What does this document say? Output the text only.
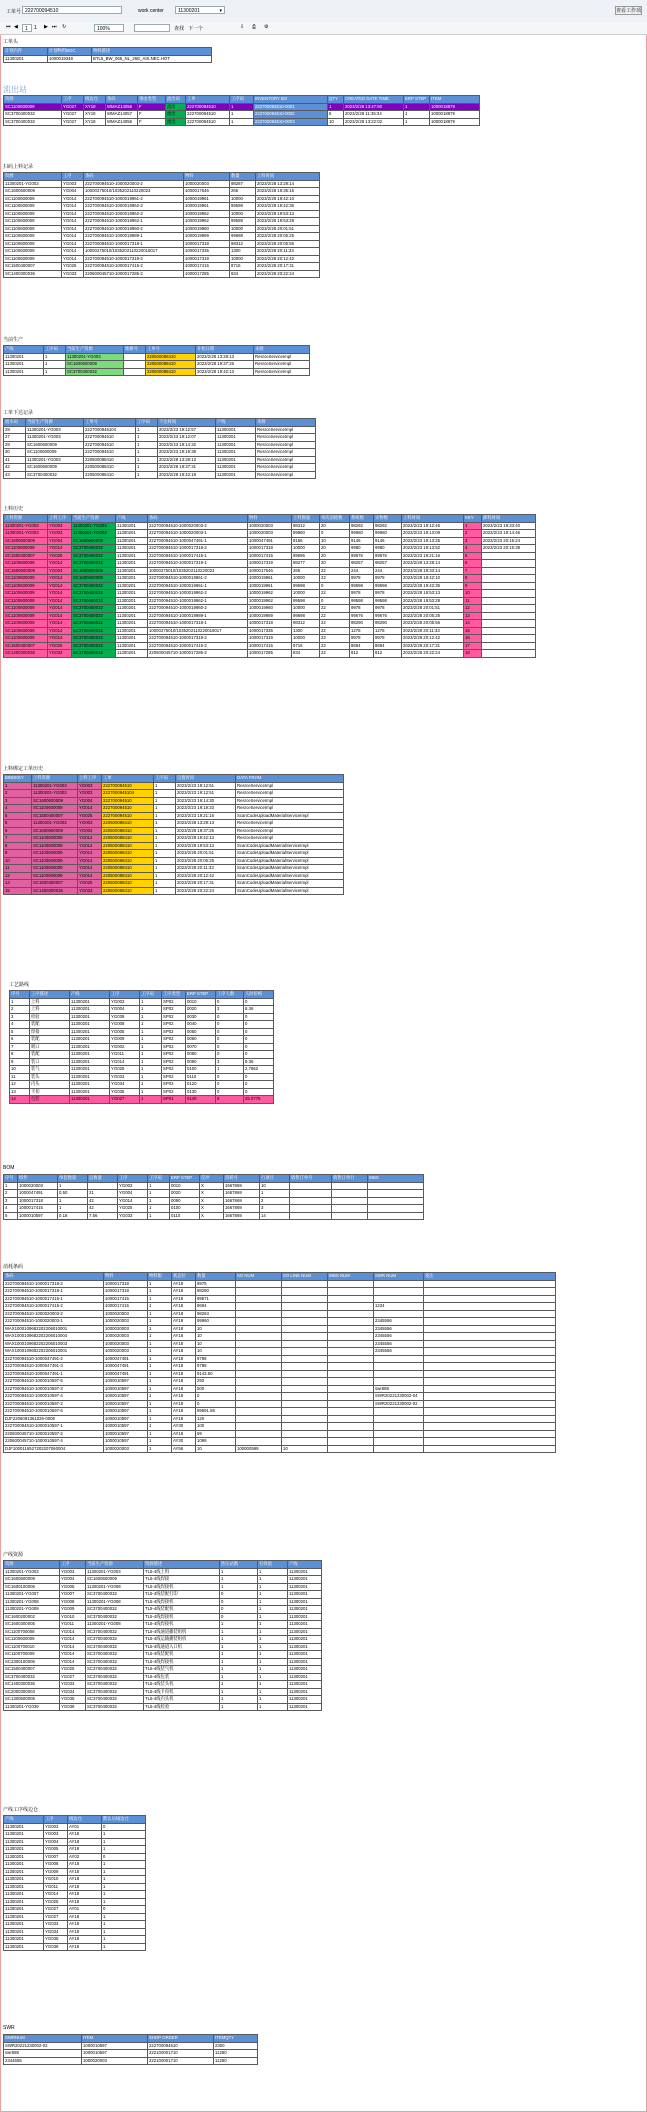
工单号 222700094510	work center	11300201	▾	查看工作项
⏮ ◀	1	1 ▶ ⏭ ↻	100%	查找 下一个	⇩ ⎙ ⚙
工单头
计划内件	计划物料BOC	物料描述
11300201	1000019348	BTL5_BW_065_NL_26E_AIS.NEC.HOT
流出站
资源	工序	线边仓	条码	事由类型	流出码	工单	工序码	INVENTORY BO	QTY	CREATED DATE TIME	ERP STEP	ITEM
SC1100600009	YG027	XY18	WMAZ14056	F	流出	222700094510	1	222700094510-0001	1	2023/2/28 13:47:50	1	1000018879
SC3700400032	YG027	XY18	WMAZ14057	F	流出	222700094510	1	222700094510-0002	5	2023/2/28 11:35:34	1	1000018879
SC3700400032	YG027	XY18	WMAZ14056	F	流出	222700094510	1	222700094510-0003	10	2023/2/28 13:22:02	1	1000018879
扫码上料记录
资源	工序	条码	物料	数量	上料时间
11300201-YG003	YG003	222700094510-1000020003-2	1000020003	98287	2023/2/28 13:28:14
SC1600600009	YG004	10000275010/1035202110220023	1000017546	266	2023/2/28 19:35:16
SC1100600009	YG014	222700094510-1000019961-2	1000019961	10000	2023/2/28 19:42:10
SC1100600009	YG014	222700094510-1000019962-2	1000019961	99598	2023/2/28 19:42:35
SC1100600009	YG014	222700094510-1000019962-2	1000019962	10000	2023/2/28 19:53:13
SC1100600009	YG014	222700094510-1000019962-1	1000019962	99598	2023/2/28 19:53:28
SC1100600009	YG014	222700094510-1000019960-2	1000019960	10000	2023/2/28 20:01:51
SC1100600009	YG014	222700094510-1000019989-1	1000019989	99698	2023/2/28 20:05:25
SC1100600009	YG014	222700094510-1000017318-1	1000017318	98312	2023/2/28 20:05:56
SC1100600009	YG014	10000275010/1035202110220016017	1000017335	1300	2023/2/28 20:11:33
SC1100600009	YG014	222700094510-1000017319-2	1000017319	10000	2023/2/28 20:12:42
SC1500400007	YG025	222700094510-1000017415-2	1000017415	8716	2023/2/28 20:17:31
SC1400300036	YG033	220600045710-1000017285-2	1000017285	834	2023/2/28 20:22:24
当前生产
产线	工序码	当前生产资源	维修号	工单号	开始日期	来源
11300201	1	11300201-YG003		220500088410	2023/2/28 13:28:13	ResrceServiceImpl
11300201	1	SC1600600009		220500088410	2023/2/28 19:37:26	ResrceServiceImpl
11300201	1	SC3700400032		220500088410	2023/2/28 19:42:13	ResrceServiceImpl
工单下达记录
流水码	当前生产资源	工单号	工序码	下达时间	产线	来源
29	11300201-YG003	2227000945104	1	2023/2/23 19:12:57	11300201	ResrceServiceImpl
27	11300201-YG003	222700094510	1	2023/2/23 19:12:07	11300201	ResrceServiceImpl
29	SC1600600009	222700094510	1	2023/2/23 19:14:32	11300201	ResrceServiceImpl
30	SC1100600009	222700094510	1	2023/2/23 19:19:38	11300201	ResrceServiceImpl
41	11300201-YG003	220500088410	1	2023/2/28 13:28:13	11300201	ResrceServiceImpl
42	SC1600600009	220500088410	1	2023/2/28 19:37:31	11300201	ResrceServiceImpl
43	SC3700400032	220500088410	1	2023/2/28 19:42:18	11300201	ResrceServiceImpl
上料历史
上料资源	上料工序	当前生产资源	产线	条码	物料	上料数量	单次消耗数	系统数	实物数	上料时间	KEY	卸料时间
11300201-YG003	YG003	11300201-YG003	11300201	222700094510-1000020003-2	1000020003	98312	20	98292	98292	2023/2/23 19:12:46	1	2023/2/23 19:33:40
11300201-YG003	YG003	11300201-YG003	11300201	222700094510-1000020003-1	1000020003	99960	0	99960	99960	2023/2/23 19:13:09	2	2023/2/23 19:14:46
SC1600600009	YG004	SC1600600009	11300201	222700094510-1000047491-1	1000047491	9156	10	9146	9146	2023/2/23 19:13:25	3	2023/2/23 20:15:24
SC1100600009	YG014	SC3700400032	11300201	222700094510-1000017318-2	1000017318	10000	20	9980	9980	2023/2/23 19:13:52	4	2023/2/23 20:15:39
SC1500400007	YG025	SC3700400032	11300201	222700094510-1000017415-1	1000017415	99696	20	99676	99676	2023/2/23 19:21:16	5	
SC1100600009	YG014	SC3700400032	11300201	222700094510-1000017319-1	1000017319	98277	20	98257	98257	2023/2/28 13:28:14	6	
SC1600600009	YG004	SC1600600009	11300201	10000275010/1035202110220023	1000017546	266	22	244	244	2023/2/28 19:33:14	7	
SC1100600009	YG014	SC1600600009	11300201	222700094510-1000019961-2	1000019961	10000	22	9978	9978	2023/2/28 19:42:10	8	
SC1100600009	YG014	SC3700400032	11300201	222700094510-1000019961-1	1000019961	99598	0	99598	99598	2023/2/28 19:42:35	9	
SC1100600009	YG014	SC3700400032	11300201	222700094510-1000019962-2	1000019962	10000	22	9978	9978	2023/2/28 19:53:13	10	
SC1100600009	YG014	SC3700400032	11300201	222700094510-1000019962-1	1000019962	99598	0	99598	99598	2023/2/28 19:53:28	11	
SC1100600009	YG014	SC3700400032	11300201	222700094510-1000019960-2	1000019960	10000	22	9978	9978	2023/2/28 20:01:51	12	
SC1100600009	YG014	SC3700400032	11300201	222700094510-1000019989-1	1000019989	99698	22	99676	99676	2023/2/28 20:05:25	13	
SC1100600009	YG014	SC3700400032	11300201	222700094510-1000017318-1	1000017318	98312	22	98290	98290	2023/2/28 20:05:56	14	
SC1100600009	YG014	SC3700400032	11300201	10000275010/1035202110220016017	1000017335	1300	22	1278	1278	2023/2/28 20:11:33	15	
SC1100600009	YG014	SC3700400032	11300201	222700094510-1000017319-2	1000017319	10000	22	9978	9978	2023/2/28 20:12:42	16	
SC1500400007	YG025	SC3700400032	11300201	222700094510-1000017415-2	1000017415	8716	22	8694	8694	2023/2/28 20:17:31	17	
SC1400300036	YG033	SC3700400032	11300201	220600045710-1000017285-2	1000017285	834	22	812	812	2023/2/28 20:22:24	18	
上料绑定工单历史
BINDKEY	上料资源	上料工序	工单	工序码	设置时间	DATA FROM
1	11300201-YG003	YG003	222700094510	1	2023/2/23 19:12:51	ResrceServiceImpl
2	11300201-YG003	YG003	2227000945104	1	2023/2/23 19:12:51	ResrceServiceImpl
3	SC1600600009	YG004	222700094510	1	2023/2/23 19:14:30	ResrceServiceImpl
4	SC1100600009	YG014	222700094510	1	2023/2/23 19:19:33	ResrceServiceImpl
5	SC1500400007	YG025	222700094510	1	2023/2/23 19:21:16	ScanCodeUploadMaterialServiceImpl
5	11300201-YG003	YG003	220500088410	1	2023/2/28 13:28:13	ResrceServiceImpl
6	SC1600600009	YG004	220500088410	1	2023/2/28 19:37:26	ResrceServiceImpl
7	SC1100600009	YG014	220500088410	1	2023/2/28 19:42:13	ResrceServiceImpl
8	SC1100600009	YG014	220500088410	1	2023/2/28 19:53:13	ScanCodeUploadMaterialServiceImpl
9	SC1100600009	YG014	220500088410	1	2023/2/28 20:01:51	ScanCodeUploadMaterialServiceImpl
10	SC1100600009	YG014	220500088410	1	2023/2/28 20:05:25	ScanCodeUploadMaterialServiceImpl
11	SC1100600009	YG014	220500088410	1	2023/2/28 20:11:33	ScanCodeUploadMaterialServiceImpl
12	SC1100600009	YG014	220500088410	1	2023/2/28 20:12:42	ScanCodeUploadMaterialServiceImpl
14	SC1500400007	YG025	220500088410	1	2023/2/28 20:17:31	ScanCodeUploadMaterialServiceImpl
15	SC1400300036	YG033	220500088410	1	2023/2/28 20:22:24	ScanCodeUploadMaterialServiceImpl
工艺路线
序号	工序描述	产线	工序	工序码	工序类型	ERP STEP	工序人数	人时价格
1	上料	11300201	YG003	1	SP02	0010	0	0
2	上料	11300201	YG004	1	SP02	0020	3	8.36
3	检验	11300201	YG039	1	SP02	0030	0	0
4	装配	11300201	YG008	1	SP02	0040	0	0
5	焊接	11300201	YG005	1	SP02	0050	0	0
6	装配	11300201	YG009	1	SP02	0060	0	0
7	吸口	11300201	YG002	1	SP02	0070	0	0
8	装配	11300201	YG011	1	SP02	0080	0	0
9	装口	11300201	YG014	1	SP02	0090	3	8.36
10	装气	11300201	YG025	1	SP02	0100	1	2.7862
11	装头	11300201	YG033	1	SP02	0110	0	0
12	内头	11300201	YG034	1	SP02	0120	0	0
13	卡扣	11300201	YG035	1	SP02	0130	0	0
14	包装	11300201	YG027	1	SP01	0140	9	25.0776
BOM
序号	组件	单套数量	总数量	工序	工序码	ERP STEP	反冲	消耗号	行项目	销售订单号	销售订单行	WBS
1	1000020003	1		YG003	1	0010	X	1667869	10			
2	1000047491	0.50	21	YG004	1	0020	X	1667869	1			
3	1000017318	1	42	YG014	1	0090	X	1667869	2			
4	1000017415	1	42	YG025	1	0100	X	1667869	3			
5	1000010597	0.18	7.56	YG033	1	0110	X	1667869	14			
消耗条码
条码	物料	物料版	状态位	数量	SO NUM	SO LINE NUM	WBS NUM	SWR NUM	备注
222700094510-1000017318-2	1000017318	1	AY18	9975					
222700094510-1000017318-1	1000017318	1	AY18	98290					
222700094510-1000017415-1	1000017415	1	AY18	99571					
222700094510-1000017415-2	1000017415	1	AY18	8694				1234	
222700094510-1000020003-2	1000020003	1	AY18	98263					
222700094510-1000020003-1	1000020003	1	AY18	99960				2345556	
WAX1000109682202206010001	1000020003	1	AY18	10				2345556	
WAX1000109682202206010004	1000020003	1	AY18	10				2345556	
WAX1000109682202206010003	1000020003	1	AY18	10				2345556	
WAX1000109682202206010001	1000020003	1	AY18	10				2345556	
222700094510-1000047491-2	1000047491	1	AY18	9798					
222700094510-1000047491-3	1000047491	1	AY18	9798					
222700094510-1000047491-1	1000047491	1	AY18	9143.50					
222700094510-1000010597-5	1000010597	1	AY18	293					
222700094510-1000010597-3	1000010597	1	AY18	500				swr888	
222700094510-1000010597-4	1000010597	1	AY18	0				SWR20221230002-04	
222700094510-1000010597-2	1000010597	1	AY18	0				SWR20221230002-02	
222700094510-1000010597-6	1000010597	1	AY18	99691.56					
DJF2206091361026-0008	1000010597	1	AY18	120					
222700094510-1000010597-1	1000010597	1	AY30	100					
220600045710-1000010597-2	1000010597	1	AY18	69					
220600045710-1000010597-4	1000010597	1	AY30	1099					
DJF1000116527202207060004	1000020003	1	AY56	10	100000599	10			
产线资源
资源	工序	当前生产资源	资源描述	热压站数	有效值	产线
11300201-YG003	YG003	11300201-YG003	TL5-4线上料	1	1	11300201
SC1600600009	YG004	SC1600600009	TL5-4线焊接	1	1	11300201
SC1600100006	YG005	11300201-YG008	TL5-4线焊接机	1	1	11300201
11300201-YG007	YG007	SC3700400032	TL5-4线装配打印	0	1	11300201
11300201-YG008	YG008	11300201-YG008	TL5-4线焊接机	0	1	11300201
11300201-YG009	YG009	SC3700400032	TL5-4线装配机	0	1	11300201
SC1600200002	YG010	SC3700400032	TL5-4线焊接机	0	1	11300201
SC1600300005	YG011	11300201-YG008	TL5-4线焊接机	1	1	11300201
SC1100700008	YG014	SC3700400032	TL5-4线通道播装组机	1	1	11300201
SC1100600009	YG014	SC3700400032	TL5-4线运输播装组机	1	1	11300201
SC1100700010	YG014	SC3700400032	TL5-4线通道入口机	1	1	11300201
SC1100700009	YG014	SC3700400032	TL5-4线装配机	1	1	11300201
SC2300100006	YG014	SC3700400032	TL5-4线焊接机	1	1	11300201
SC1500400007	YG025	SC3700400032	TL5-4线装气机	1	1	11300201
SC3700400032	YG027	SC3700400032	TL5-4线包装	1	1	11300201
SC1400300036	YG033	SC3700400032	TL5-4线装头机	1	1	11300201
SC2000300003	YG034	SC3700400032	TL5-4线卡扣机	1	1	11300201
SC1300500005	YG035	SC3700400032	TL5-4线内头机	1	1	11300201
11300201-YG039	YG039	SC3700400032	TL5-4线检验	1	1	11300201
产线工序线边仓
产线	工序	线边仓	默认后线边仓
11300201	YG003	AY01	0
11300201	YG003	AY18	1
11300201	YG004	AY18	1
11300201	YG005	AY18	1
11300201	YG007	AY02	0
11300201	YG008	AY18	1
11300201	YG009	AY18	1
11300201	YG010	AY18	1
11300201	YG011	AY18	1
11300201	YG014	AY18	1
11300201	YG025	AY18	1
11300201	YG027	AY01	0
11300201	YG027	AY18	1
11300201	YG033	AY18	1
11300201	YG034	AY18	1
11300201	YG035	AY18	1
11300201	YG039	AY18	1
SWR
SWRNUM	ITEM	SHOP ORDER	ITEMQTY
SWR20221230002-02	1000010597	222700094510	2300
swr888	1000010597	222100001710	11260
2344555	1000020003	222100001710	11260
